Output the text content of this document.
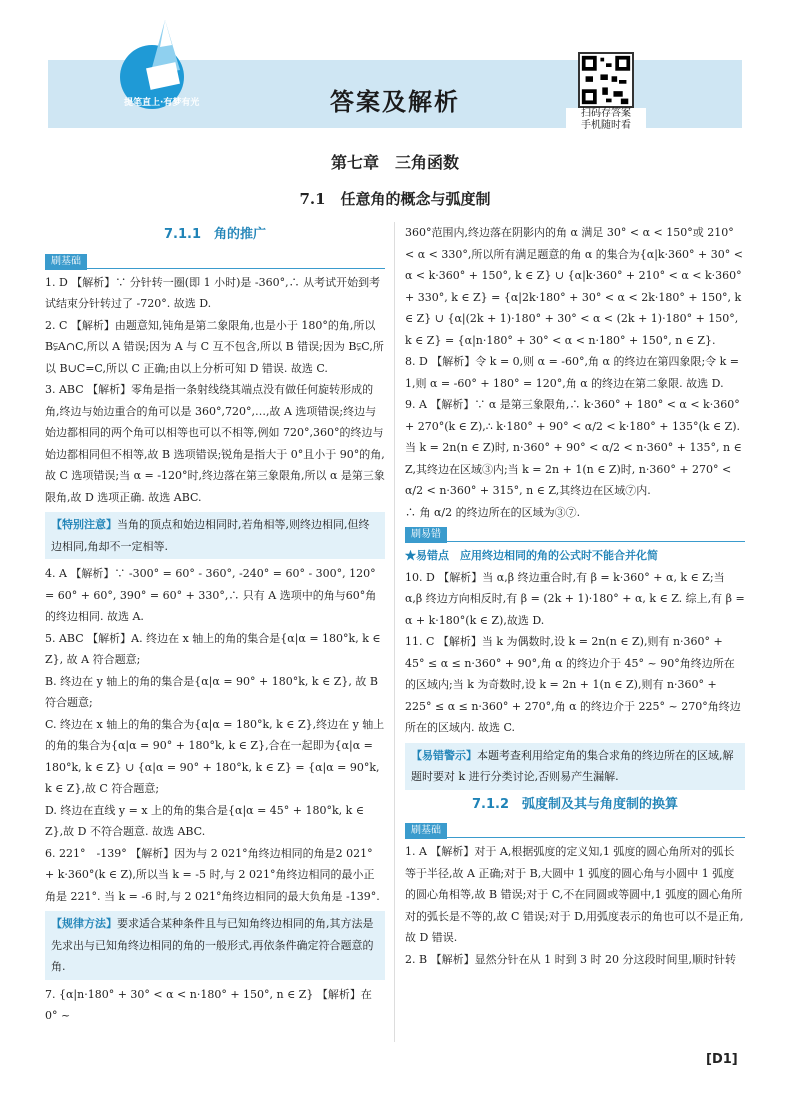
答案及解析
提笔直上·有梦有光
扫码存答案
手机随时看
第七章　三角函数
7.1　任意角的概念与弧度制
7.1.1　角的推广
刷基础
1. D 【解析】∵ 分针转一圈(即 1 小时)是 -360°,∴ 从考试开始到考试结束分针转过了 -720°. 故选 D.
2. C 【解析】由题意知,钝角是第二象限角,也是小于 180°的角,所以 B⫋A∩C,所以 A 错误;因为 A 与 C 互不包含,所以 B 错误;因为 B⫋C,所以 B∪C=C,所以 C 正确;由以上分析可知 D 错误. 故选 C.
3. ABC 【解析】零角是指一条射线绕其端点没有做任何旋转形成的角,终边与始边重合的角可以是 360°,720°,…,故 A 选项错误;终边与始边都相同的两个角可以相等也可以不相等,例如 720°,360°的终边与始边都相同但不相等,故 B 选项错误;锐角是指大于 0°且小于 90°的角,故 C 选项错误;当 α = -120°时,终边落在第三象限角,所以 α 是第三象限角,故 D 选项正确. 故选 ABC.
【特别注意】当角的顶点和始边相同时,若角相等,则终边相同,但终边相同,角却不一定相等.
4. A 【解析】∵ -300° = 60° - 360°, -240° = 60° - 300°, 120° = 60° + 60°, 390° = 60° + 330°,∴ 只有 A 选项中的角与60°角的终边相同. 故选 A.
5. ABC 【解析】A. 终边在 x 轴上的角的集合是{α|α = 180°k, k ∈ Z}, 故 A 符合题意;
B. 终边在 y 轴上的角的集合是{α|α = 90° + 180°k, k ∈ Z}, 故 B 符合题意;
C. 终边在 x 轴上的角的集合为{α|α = 180°k, k ∈ Z},终边在 y 轴上的角的集合为{α|α = 90° + 180°k, k ∈ Z},合在一起即为{α|α = 180°k, k ∈ Z} ∪ {α|α = 90° + 180°k, k ∈ Z} = {α|α = 90°k, k ∈ Z},故 C 符合题意;
D. 终边在直线 y = x 上的角的集合是{α|α = 45° + 180°k, k ∈ Z},故 D 不符合题意. 故选 ABC.
6. 221°　-139° 【解析】因为与 2 021°角终边相同的角是2 021° + k·360°(k ∈ Z),所以当 k = -5 时,与 2 021°角终边相同的最小正角是 221°. 当 k = -6 时,与 2 021°角终边相同的最大负角是 -139°.
【规律方法】要求适合某种条件且与已知角终边相同的角,其方法是先求出与已知角终边相同的角的一般形式,再依条件确定符合题意的角.
7. {α|n·180° + 30° < α < n·180° + 150°, n ∈ Z} 【解析】在 0° ~
360°范围内,终边落在阴影内的角 α 满足 30° < α < 150°或 210° < α < 330°,所以所有满足题意的角 α 的集合为{α|k·360° + 30° < α < k·360° + 150°, k ∈ Z} ∪ {α|k·360° + 210° < α < k·360° + 330°, k ∈ Z} = {α|2k·180° + 30° < α < 2k·180° + 150°, k ∈ Z} ∪ {α|(2k + 1)·180° + 30° < α < (2k + 1)·180° + 150°, k ∈ Z} = {α|n·180° + 30° < α < n·180° + 150°, n ∈ Z}.
8. D 【解析】令 k = 0,则 α = -60°,角 α 的终边在第四象限;令 k = 1,则 α = -60° + 180° = 120°,角 α 的终边在第二象限. 故选 D.
9. A 【解析】∵ α 是第三象限角,∴ k·360° + 180° < α < k·360° + 270°(k ∈ Z),∴ k·180° + 90° < α/2 < k·180° + 135°(k ∈ Z).
当 k = 2n(n ∈ Z)时, n·360° + 90° < α/2 < n·360° + 135°, n ∈ Z,其终边在区域③内;当 k = 2n + 1(n ∈ Z)时, n·360° + 270° < α/2 < n·360° + 315°, n ∈ Z,其终边在区域⑦内.
∴ 角 α/2 的终边所在的区域为③⑦.
刷易错
★易错点　应用终边相同的角的公式时不能合并化简
10. D 【解析】当 α,β 终边重合时,有 β = k·360° + α, k ∈ Z;当 α,β 终边方向相反时,有 β = (2k + 1)·180° + α, k ∈ Z. 综上,有 β = α + k·180°(k ∈ Z),故选 D.
11. C 【解析】当 k 为偶数时,设 k = 2n(n ∈ Z),则有 n·360° + 45° ≤ α ≤ n·360° + 90°,角 α 的终边介于 45° ~ 90°角终边所在的区域内;当 k 为奇数时,设 k = 2n + 1(n ∈ Z),则有 n·360° + 225° ≤ α ≤ n·360° + 270°,角 α 的终边介于 225° ~ 270°角终边所在的区域内. 故选 C.
【易错警示】本题考查利用给定角的集合求角的终边所在的区域,解题时要对 k 进行分类讨论,否则易产生漏解.
7.1.2　弧度制及其与角度制的换算
刷基础
1. A 【解析】对于 A,根据弧度的定义知,1 弧度的圆心角所对的弧长等于半径,故 A 正确;对于 B,大圆中 1 弧度的圆心角与小圆中 1 弧度的圆心角相等,故 B 错误;对于 C,不在同圆或等圆中,1 弧度的圆心角所对的弧长是不等的,故 C 错误;对于 D,用弧度表示的角也可以不是正角,故 D 错误.
2. B 【解析】显然分针在从 1 时到 3 时 20 分这段时间里,顺时针转
[D1]
